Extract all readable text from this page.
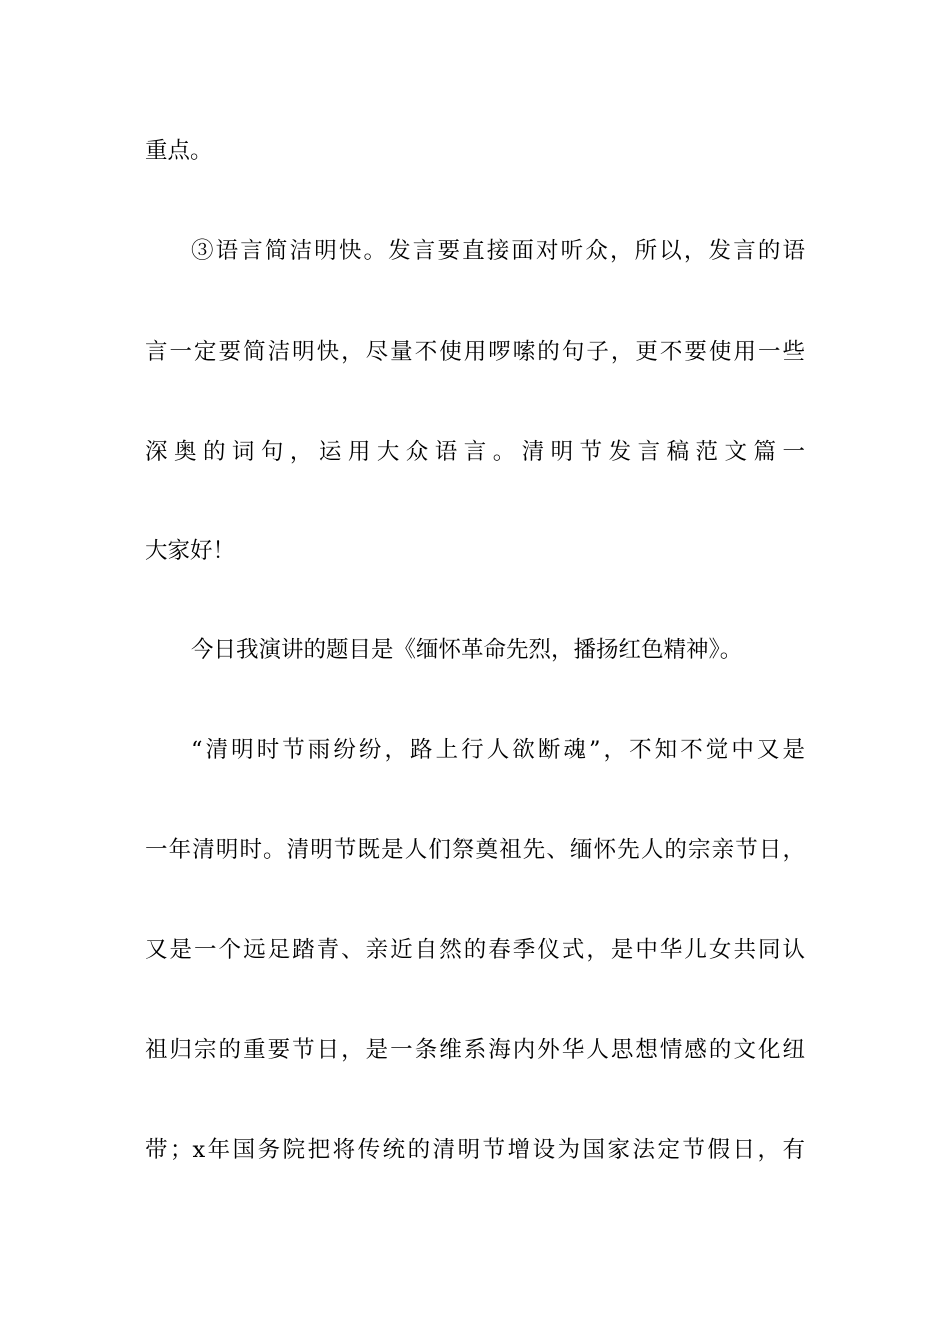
重点。
③语言简洁明快。发言要直接面对听众，所以，发言的语
言一定要简洁明快，尽量不使用啰嗦的句子，更不要使用一些
深奥的词句，运用大众语言。清明节发言稿范文篇一
大家好！
今日我演讲的题目是《缅怀革命先烈，播扬红色精神》。
“清明时节雨纷纷，路上行人欲断魂”，不知不觉中又是
一年清明时。清明节既是人们祭奠祖先、缅怀先人的宗亲节日，
又是一个远足踏青、亲近自然的春季仪式，是中华儿女共同认
祖归宗的重要节日，是一条维系海内外华人思想情感的文化纽
带；x年国务院把将传统的清明节增设为国家法定节假日，有
